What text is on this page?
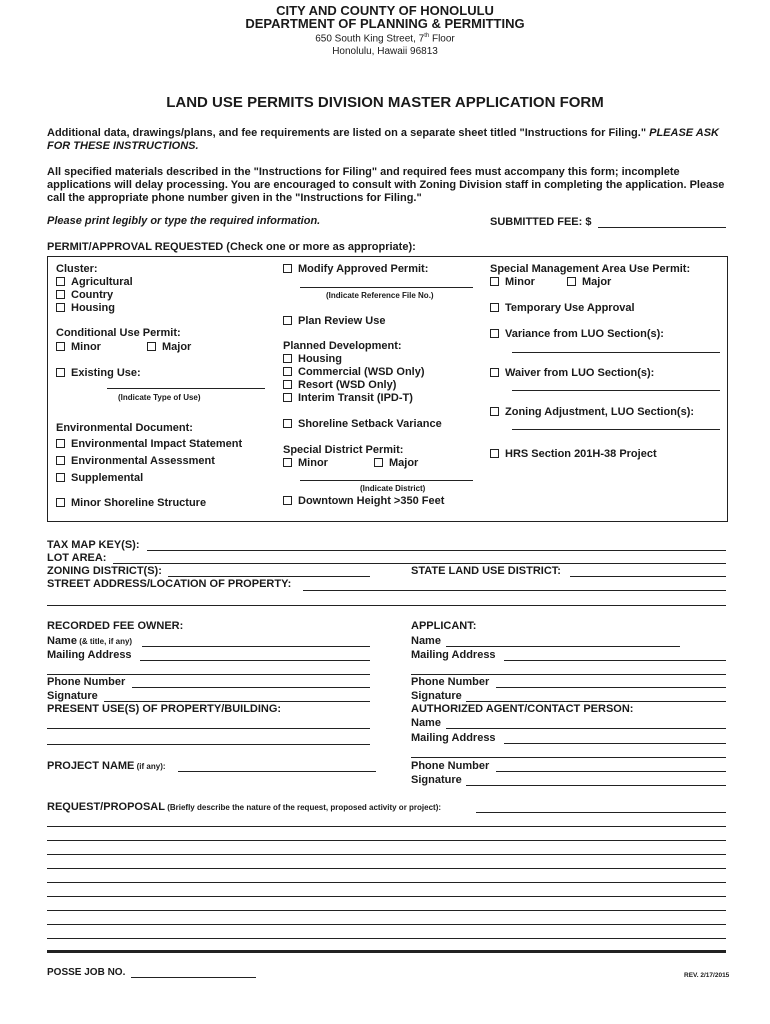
CITY AND COUNTY OF HONOLULU
DEPARTMENT OF PLANNING & PERMITTING
650 South King Street, 7th Floor
Honolulu, Hawaii 96813
LAND USE PERMITS DIVISION MASTER APPLICATION FORM
Additional data, drawings/plans, and fee requirements are listed on a separate sheet titled "Instructions for Filing." PLEASE ASK FOR THESE INSTRUCTIONS.
All specified materials described in the "Instructions for Filing" and required fees must accompany this form; incomplete applications will delay processing. You are encouraged to consult with Zoning Division staff in completing the application. Please call the appropriate phone number given in the "Instructions for Filing."
Please print legibly or type the required information.	SUBMITTED FEE: $
PERMIT/APPROVAL REQUESTED (Check one or more as appropriate):
Cluster:
Agricultural
Country
Housing
Conditional Use Permit:
Minor	Major
Existing Use:
(Indicate Type of Use)
Environmental Document:
Environmental Impact Statement
Environmental Assessment
Supplemental
Minor Shoreline Structure
Modify Approved Permit:
(Indicate Reference File No.)
Plan Review Use
Planned Development:
Housing
Commercial (WSD Only)
Resort (WSD Only)
Interim Transit (IPD-T)
Shoreline Setback Variance
Special District Permit:
Minor	Major
(Indicate District)
Downtown Height >350 Feet
Special Management Area Use Permit:
Minor	Major
Temporary Use Approval
Variance from LUO Section(s):
Waiver from LUO Section(s):
Zoning Adjustment, LUO Section(s):
HRS Section 201H-38 Project
TAX MAP KEY(S):
LOT AREA:
ZONING DISTRICT(S):	STATE LAND USE DISTRICT:
STREET ADDRESS/LOCATION OF PROPERTY:
RECORDED FEE OWNER:
Name (& title, if any)
Mailing Address
Phone Number
Signature
PRESENT USE(S) OF PROPERTY/BUILDING:
PROJECT NAME (if any):
APPLICANT:
Name
Mailing Address
Phone Number
Signature
AUTHORIZED AGENT/CONTACT PERSON:
Name
Mailing Address
Phone Number
Signature
REQUEST/PROPOSAL (Briefly describe the nature of the request, proposed activity or project):
POSSE JOB NO.	REV. 2/17/2015
